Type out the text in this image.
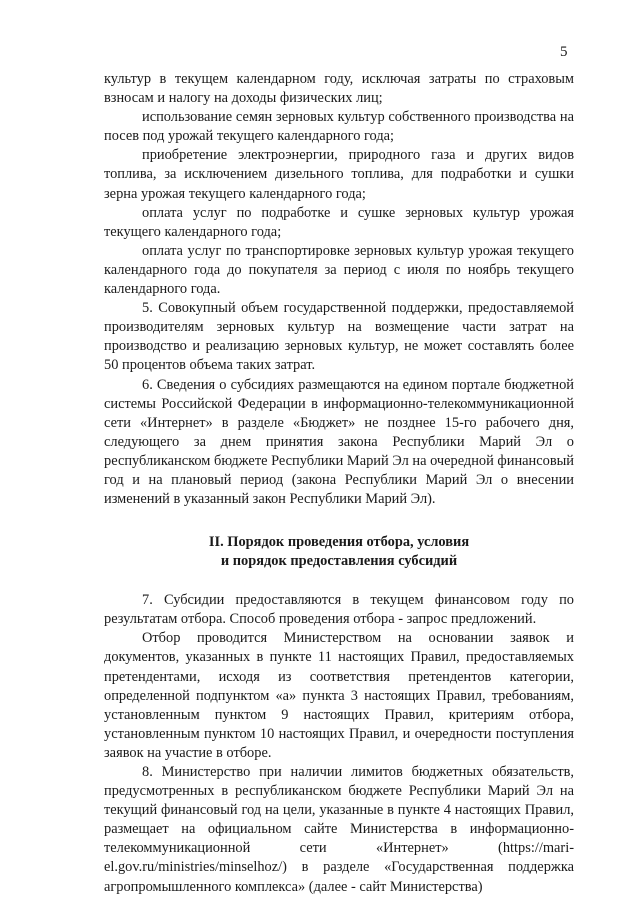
5

культур в текущем календарном году, исключая затраты по страховым взносам и налогу на доходы физических лиц;

использование семян зерновых культур собственного производства на посев под урожай текущего календарного года;

приобретение электроэнергии, природного газа и других видов топлива, за исключением дизельного топлива, для подработки и сушки зерна урожая текущего календарного года;

оплата услуг по подработке и сушке зерновых культур урожая текущего календарного года;

оплата услуг по транспортировке зерновых культур урожая текущего календарного года до покупателя за период с июля по ноябрь текущего календарного года.

5. Совокупный объем государственной поддержки, предоставляемой производителям зерновых культур на возмещение части затрат на производство и реализацию зерновых культур, не может составлять более 50 процентов объема таких затрат.

6. Сведения о субсидиях размещаются на едином портале бюджетной системы Российской Федерации в информационно-телекоммуникационной сети «Интернет» в разделе «Бюджет» не позднее 15-го рабочего дня, следующего за днем принятия закона Республики Марий Эл о республиканском бюджете Республики Марий Эл на очередной финансовый год и на плановый период (закона Республики Марий Эл о внесении изменений в указанный закон Республики Марий Эл).

II. Порядок проведения отбора, условия
и порядок предоставления субсидий

7. Субсидии предоставляются в текущем финансовом году по результатам отбора. Способ проведения отбора - запрос предложений.

Отбор проводится Министерством на основании заявок и документов, указанных в пункте 11 настоящих Правил, предоставляемых претендентами, исходя из соответствия претендентов категории, определенной подпунктом «а» пункта 3 настоящих Правил, требованиям, установленным пунктом 9 настоящих Правил, критериям отбора, установленным пунктом 10 настоящих Правил, и очередности поступления заявок на участие в отборе.

8. Министерство при наличии лимитов бюджетных обязательств, предусмотренных в республиканском бюджете Республики Марий Эл на текущий финансовый год на цели, указанные в пункте 4 настоящих Правил, размещает на официальном сайте Министерства в информационно-телекоммуникационной сети «Интернет» (https://mari-el.gov.ru/ministries/minselhoz/) в разделе «Государственная поддержка агропромышленного комплекса» (далее - сайт Министерства)
